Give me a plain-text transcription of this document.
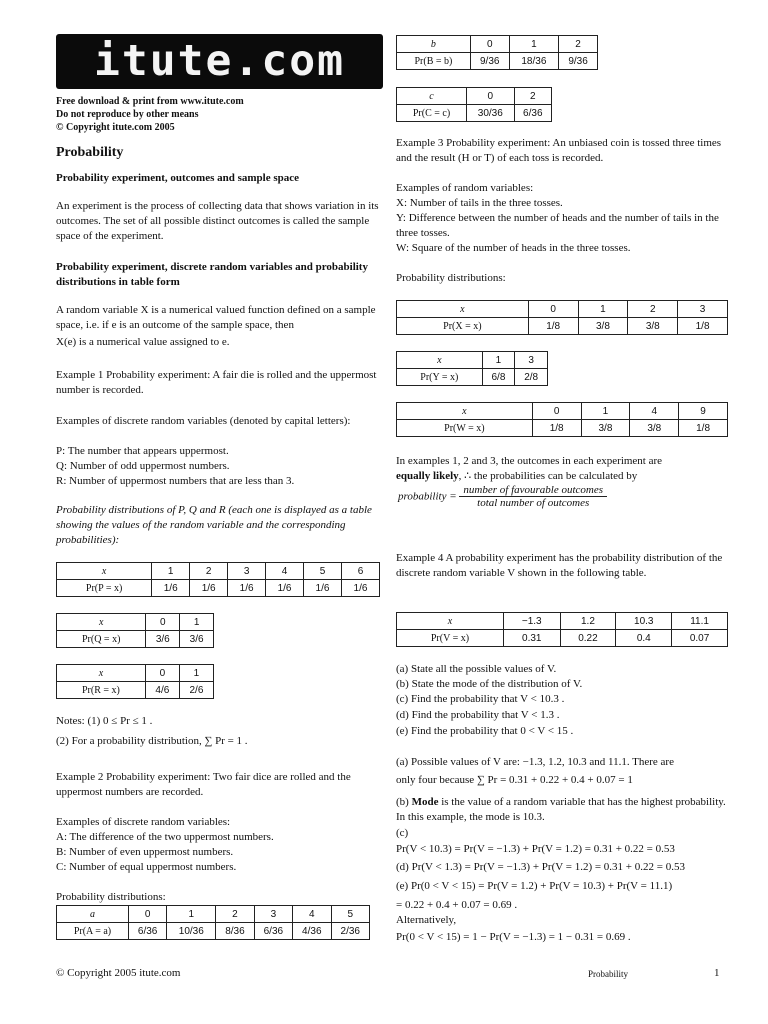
itute.com
Free download & print from www.itute.com
Do not reproduce by other means
© Copyright itute.com 2005
Probability
Probability experiment, outcomes and sample space

An experiment is the process of collecting data that shows variation in its outcomes. The set of all possible distinct outcomes is called the sample space of the experiment.

Probability experiment, discrete random variables and probability distributions in table form

A random variable X is a numerical valued function defined on a sample space, i.e. if e is an outcome of the sample space, then

X(e) is a numerical value assigned to e.

Example 1 Probability experiment: A fair die is rolled and the uppermost number is recorded.

Examples of discrete random variables (denoted by capital letters):

P: The number that appears uppermost.

Q: Number of odd uppermost numbers.

R: Number of uppermost numbers that are less than 3.

Probability distributions of P, Q and R (each one is displayed as a table showing the values of the random variable and the corresponding probabilities):

x	1	2	3	4	5	6
Pr(P = x)	1/6	1/6	1/6	1/6	1/6	1/6
x	0	1
Pr(Q = x)	3/6	3/6
x	0	1
Pr(R = x)	4/6	2/6

Notes: (1) 0 ≤ Pr ≤ 1 .

(2) For a probability distribution, ∑ Pr = 1 .

Example 2 Probability experiment: Two fair dice are rolled and the uppermost numbers are recorded.

Examples of discrete random variables:

A: The difference of the two uppermost numbers.

B: Number of even uppermost numbers.

C: Number of equal uppermost numbers.

Probability distributions:

a	0	1	2	3	4	5
Pr(A = a)	6/36	10/36	8/36	6/36	4/36	2/36
b	0	1	2
Pr(B = b)	9/36	18/36	9/36
c	0	2
Pr(C = c)	30/36	6/36

Example 3 Probability experiment: An unbiased coin is tossed three times and the result (H or T) of each toss is recorded.

Examples of random variables:

X: Number of tails in the three tosses.

Y: Difference between the number of heads and the number of tails in the three tosses.

W: Square of the number of heads in the three tosses.

Probability distributions:

x	0	1	2	3
Pr(X = x)	1/8	3/8	3/8	1/8
x	1	3
Pr(Y = x)	6/8	2/8
x	0	1	4	9
Pr(W = x)	1/8	3/8	3/8	1/8

In examples 1, 2 and 3, the outcomes in each experiment are
equally likely, ∴ the probabilities can be calculated by

probability = $\frac{\text{number of favourable outcomes}}{\text{total number of outcomes}}$

Example 4 A probability experiment has the probability distribution of the discrete random variable V shown in the following table.

x	−1.3	1.2	10.3	11.1
Pr(V = x)	0.31	0.22	0.4	0.07

(a) State all the possible values of V.

(b) State the mode of the distribution of V.

(c) Find the probability that V < 10.3 .

(d) Find the probability that V < 1.3 .

(e) Find the probability that 0 < V < 15 .

(a) Possible values of V are: −1.3, 1.2, 10.3 and 11.1. There are

only four because ∑ Pr = 0.31 + 0.22 + 0.4 + 0.07 = 1

(b) Mode is the value of a random variable that has the highest probability. In this example, the mode is 10.3.

(c)

Pr(V < 10.3) = Pr(V = −1.3) + Pr(V = 1.2) = 0.31 + 0.22 = 0.53

(d) Pr(V < 1.3) = Pr(V = −1.3) + Pr(V = 1.2) = 0.31 + 0.22 = 0.53

(e) Pr(0 < V < 15) = Pr(V = 1.2) + Pr(V = 10.3) + Pr(V = 11.1)

= 0.22 + 0.4 + 0.07 = 0.69 .

Alternatively,

Pr(0 < V < 15) = 1 − Pr(V = −1.3) = 1 − 0.31 = 0.69 .

© Copyright 2005 itute.com	Probability	1
